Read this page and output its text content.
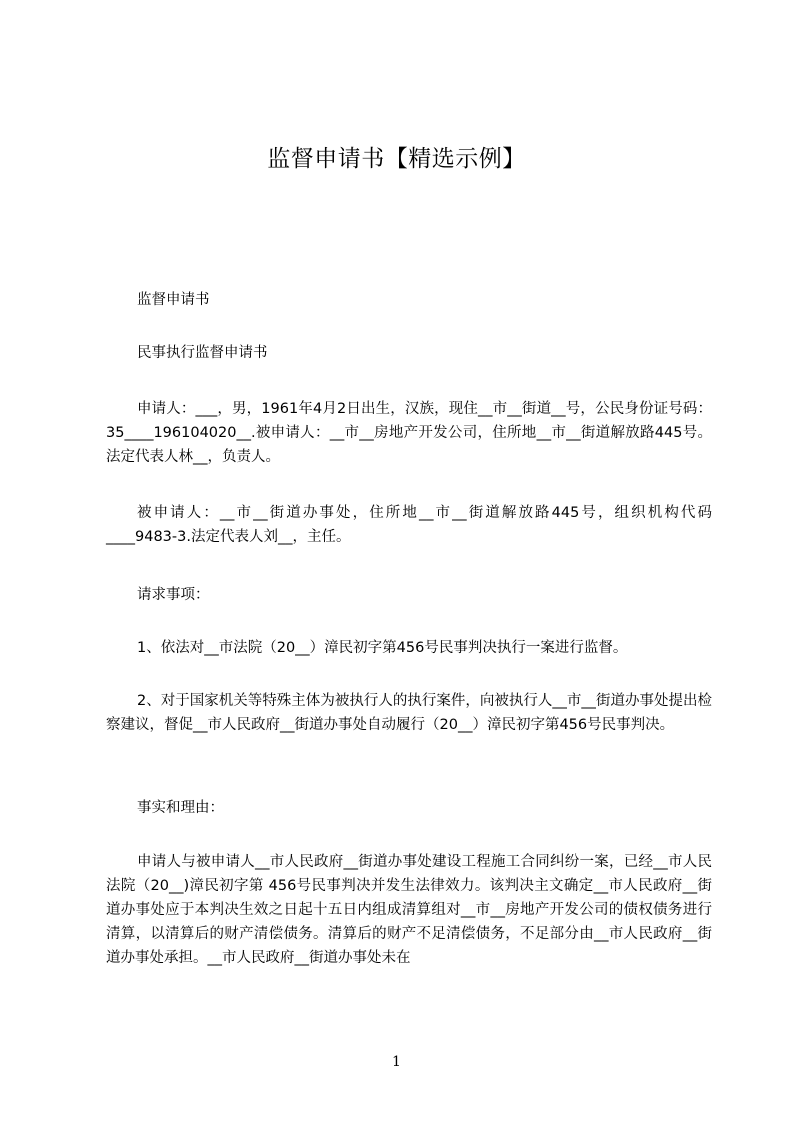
监督申请书【精选示例】
监督申请书
民事执行监督申请书
申请人：___，男，1961年4月2日出生，汉族，现住__市__街道__号，公民身份证号码：35____196104020__.被申请人：__市__房地产开发公司，住所地__市__街道解放路445号。法定代表人林__，负责人。
被申请人：__市__街道办事处，住所地__市__街道解放路445号，组织机构代码____9483-3.法定代表人刘__，主任。
请求事项：
1、依法对__市法院（20__）漳民初字第456号民事判决执行一案进行监督。
2、对于国家机关等特殊主体为被执行人的执行案件，向被执行人__市__街道办事处提出检察建议，督促__市人民政府__街道办事处自动履行（20__）漳民初字第456号民事判决。
事实和理由：
申请人与被申请人__市人民政府__街道办事处建设工程施工合同纠纷一案，已经__市人民法院（20__)漳民初字第 456号民事判决并发生法律效力。该判决主文确定__市人民政府__街道办事处应于本判决生效之日起十五日内组成清算组对__市__房地产开发公司的债权债务进行清算，以清算后的财产清偿债务。清算后的财产不足清偿债务，不足部分由__市人民政府__街道办事处承担。__市人民政府__街道办事处未在
1
